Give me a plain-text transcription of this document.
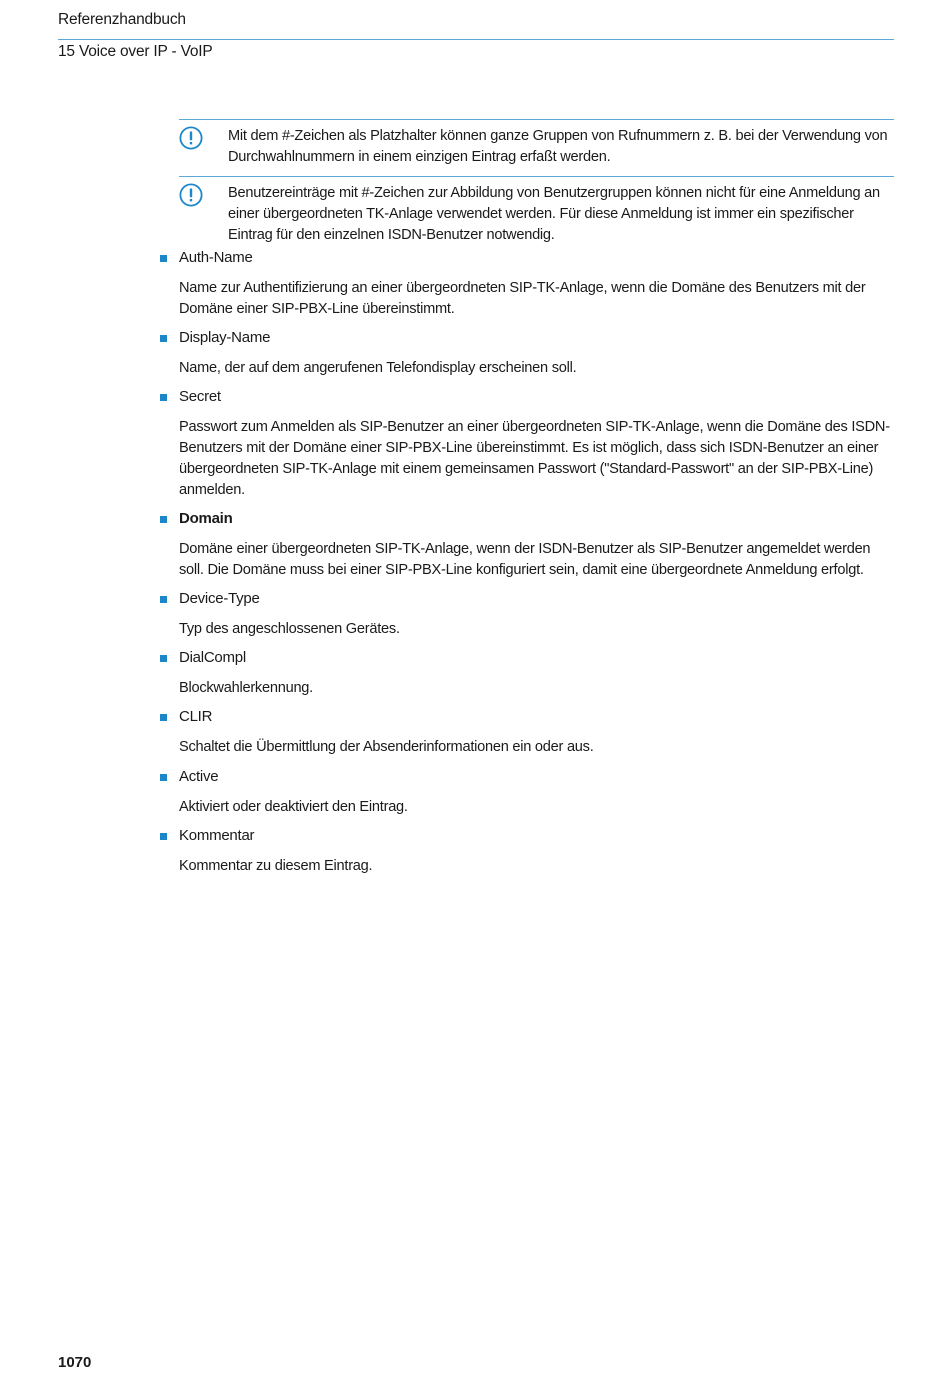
Referenzhandbuch
15 Voice over IP - VoIP
Mit dem #-Zeichen als Platzhalter können ganze Gruppen von Rufnummern z. B. bei der Verwendung von Durchwahlnummern in einem einzigen Eintrag erfaßt werden.
Benutzereinträge mit #-Zeichen zur Abbildung von Benutzergruppen können nicht für eine Anmeldung an einer übergeordneten TK-Anlage verwendet werden. Für diese Anmeldung ist immer ein spezifischer Eintrag für den einzelnen ISDN-Benutzer notwendig.
Auth-Name
Name zur Authentifizierung an einer übergeordneten SIP-TK-Anlage, wenn die Domäne des Benutzers mit der Domäne einer SIP-PBX-Line übereinstimmt.
Display-Name
Name, der auf dem angerufenen Telefondisplay erscheinen soll.
Secret
Passwort zum Anmelden als SIP-Benutzer an einer übergeordneten SIP-TK-Anlage, wenn die Domäne des ISDN-Benutzers mit der Domäne einer SIP-PBX-Line übereinstimmt. Es ist möglich, dass sich ISDN-Benutzer an einer übergeordneten SIP-TK-Anlage mit einem gemeinsamen Passwort ("Standard-Passwort" an der SIP-PBX-Line) anmelden.
Domain
Domäne einer übergeordneten SIP-TK-Anlage, wenn der ISDN-Benutzer als SIP-Benutzer angemeldet werden soll. Die Domäne muss bei einer SIP-PBX-Line konfiguriert sein, damit eine übergeordnete Anmeldung erfolgt.
Device-Type
Typ des angeschlossenen Gerätes.
DialCompl
Blockwahlerkennung.
CLIR
Schaltet die Übermittlung der Absenderinformationen ein oder aus.
Active
Aktiviert oder deaktiviert den Eintrag.
Kommentar
Kommentar zu diesem Eintrag.
1070
